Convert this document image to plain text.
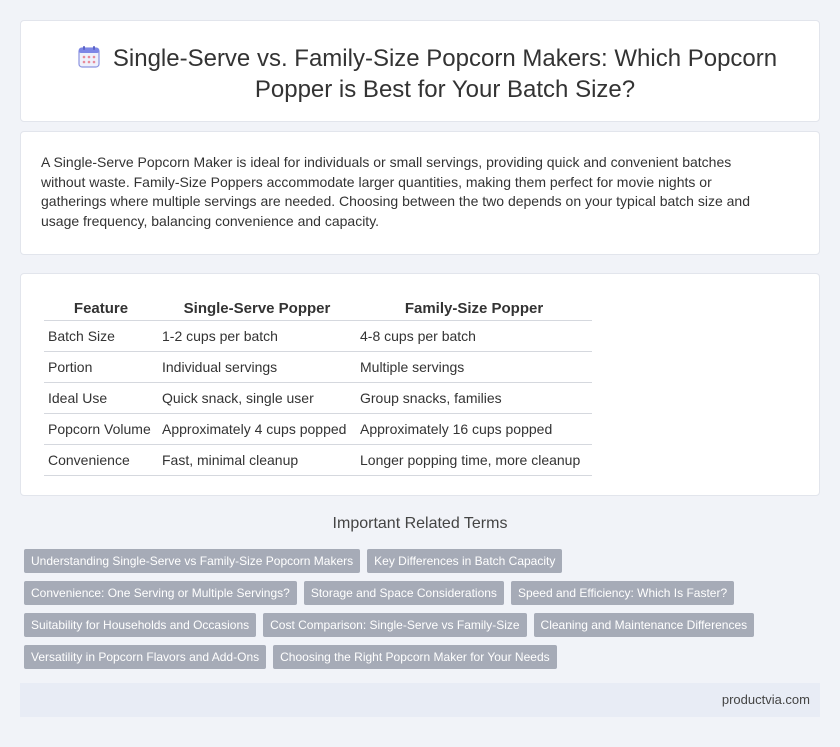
Single-Serve vs. Family-Size Popcorn Makers: Which Popcorn Popper is Best for Your Batch Size?

A Single-Serve Popcorn Maker is ideal for individuals or small servings, providing quick and convenient batches without waste. Family-Size Poppers accommodate larger quantities, making them perfect for movie nights or gatherings where multiple servings are needed. Choosing between the two depends on your typical batch size and usage frequency, balancing convenience and capacity.

Feature	Single-Serve Popper	Family-Size Popper
Batch Size	1-2 cups per batch	4-8 cups per batch
Portion	Individual servings	Multiple servings
Ideal Use	Quick snack, single user	Group snacks, families
Popcorn Volume	Approximately 4 cups popped	Approximately 16 cups popped
Convenience	Fast, minimal cleanup	Longer popping time, more cleanup
Important Related Terms
Understanding Single-Serve vs Family-Size Popcorn Makers	Key Differences in Batch Capacity
Convenience: One Serving or Multiple Servings?	Storage and Space Considerations	Speed and Efficiency: Which Is Faster?
Suitability for Households and Occasions	Cost Comparison: Single-Serve vs Family-Size	Cleaning and Maintenance Differences
Versatility in Popcorn Flavors and Add-Ons	Choosing the Right Popcorn Maker for Your Needs
productvia.com
